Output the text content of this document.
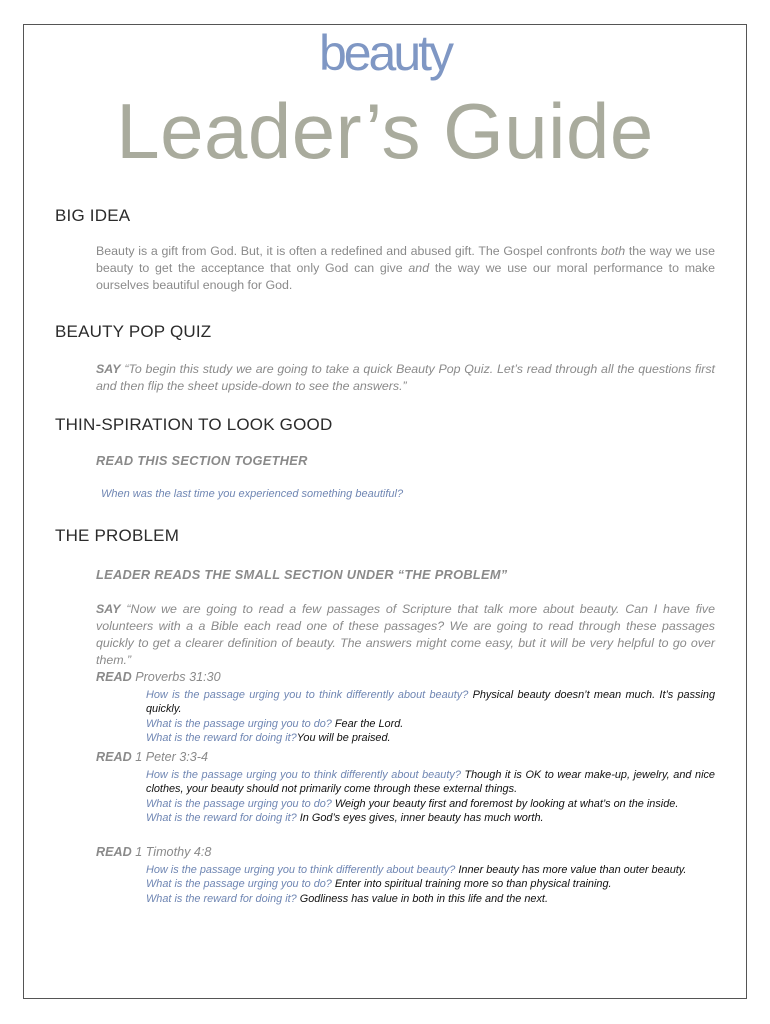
beauty
Leader’s Guide
BIG IDEA
Beauty is a gift from God. But, it is often a redefined and abused gift. The Gospel confronts both the way we use beauty to get the acceptance that only God can give and the way we use our moral performance to make ourselves beautiful enough for God.
BEAUTY POP QUIZ
SAY “To begin this study we are going to take a quick Beauty Pop Quiz. Let’s read through all the questions first and then flip the sheet upside-down to see the answers.”
THIN-SPIRATION TO LOOK GOOD
READ THIS SECTION TOGETHER
When was the last time you experienced something beautiful?
THE PROBLEM
LEADER READS THE SMALL SECTION UNDER “THE PROBLEM”
SAY “Now we are going to read a few passages of Scripture that talk more about beauty. Can I have five volunteers with a a Bible each read one of these passages? We are going to read through these passages quickly to get a clearer definition of beauty. The answers might come easy, but it will be very helpful to go over them.”
READ Proverbs 31:30
How is the passage urging you to think differently about beauty? Physical beauty doesn’t mean much. It’s passing quickly.
What is the passage urging you to do? Fear the Lord.
What is the reward for doing it?You will be praised.
READ 1 Peter 3:3-4
How is the passage urging you to think differently about beauty? Though it is OK to wear make-up, jewelry, and nice clothes, your beauty should not primarily come through these external things.
What is the passage urging you to do? Weigh your beauty first and foremost by looking at what’s on the inside.
What is the reward for doing it? In God’s eyes gives, inner beauty has much worth.
READ 1 Timothy 4:8
How is the passage urging you to think differently about beauty? Inner beauty has more value than outer beauty.
What is the passage urging you to do? Enter into spiritual training more so than physical training.
What is the reward for doing it? Godliness has value in both in this life and the next.
